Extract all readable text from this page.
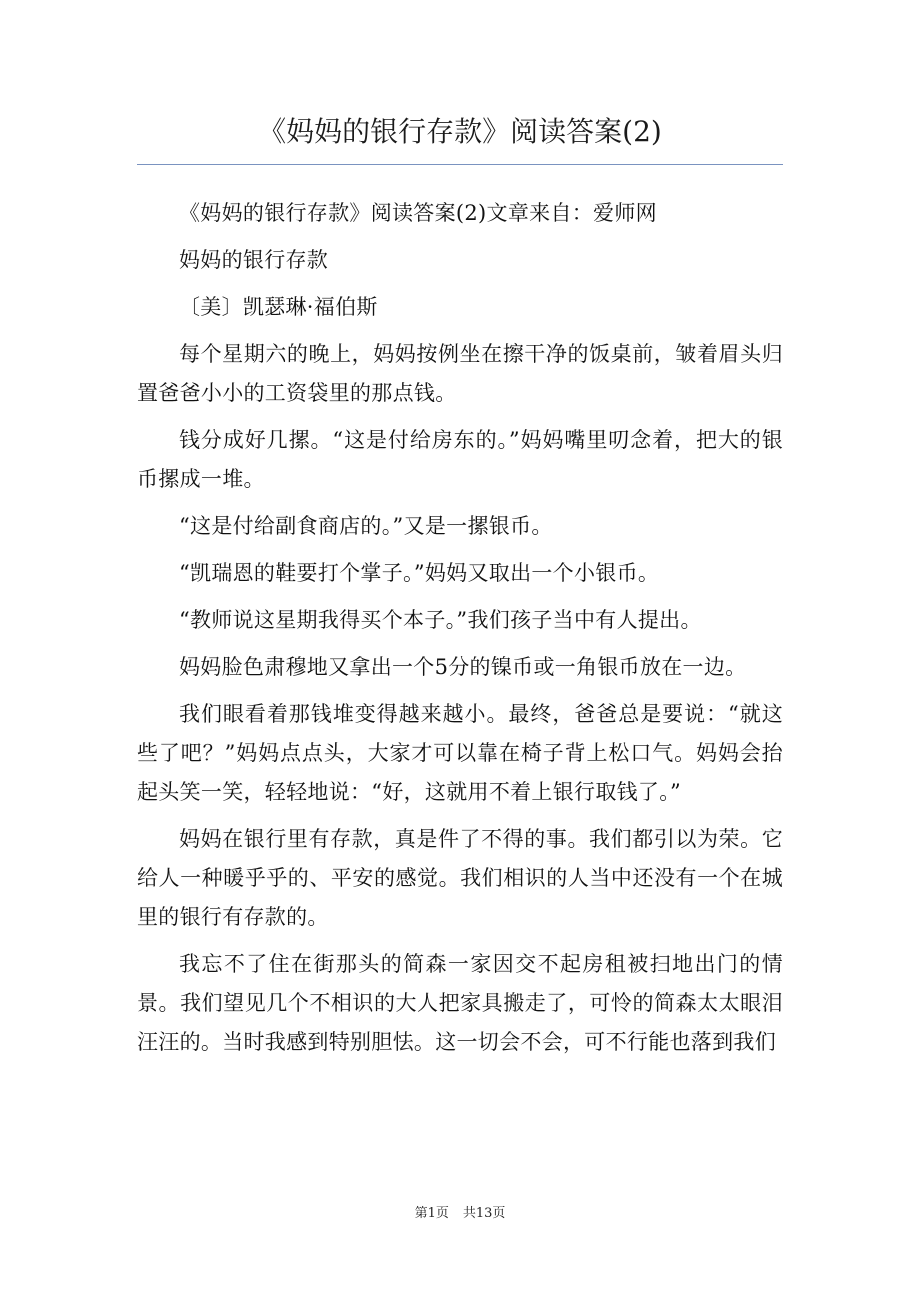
《妈妈的银行存款》阅读答案(2)

《妈妈的银行存款》阅读答案(2)文章来自：爱师网

妈妈的银行存款

〔美〕凯瑟琳·福伯斯

每个星期六的晚上，妈妈按例坐在擦干净的饭桌前，皱着眉头归置爸爸小小的工资袋里的那点钱。

钱分成好几摞。“这是付给房东的。”妈妈嘴里叨念着，把大的银币摞成一堆。

“这是付给副食商店的。”又是一摞银币。

“凯瑞恩的鞋要打个掌子。”妈妈又取出一个小银币。

“教师说这星期我得买个本子。”我们孩子当中有人提出。

妈妈脸色肃穆地又拿出一个5分的镍币或一角银币放在一边。

我们眼看着那钱堆变得越来越小。最终，爸爸总是要说：“就这些了吧？”妈妈点点头，大家才可以靠在椅子背上松口气。妈妈会抬起头笑一笑，轻轻地说：“好，这就用不着上银行取钱了。”

妈妈在银行里有存款，真是件了不得的事。我们都引以为荣。它给人一种暖乎乎的、平安的感觉。我们相识的人当中还没有一个在城里的银行有存款的。

我忘不了住在街那头的简森一家因交不起房租被扫地出门的情景。我们望见几个不相识的大人把家具搬走了，可怜的简森太太眼泪汪汪的。当时我感到特别胆怯。这一切会不会，可不行能也落到我们

第1页 共13页
